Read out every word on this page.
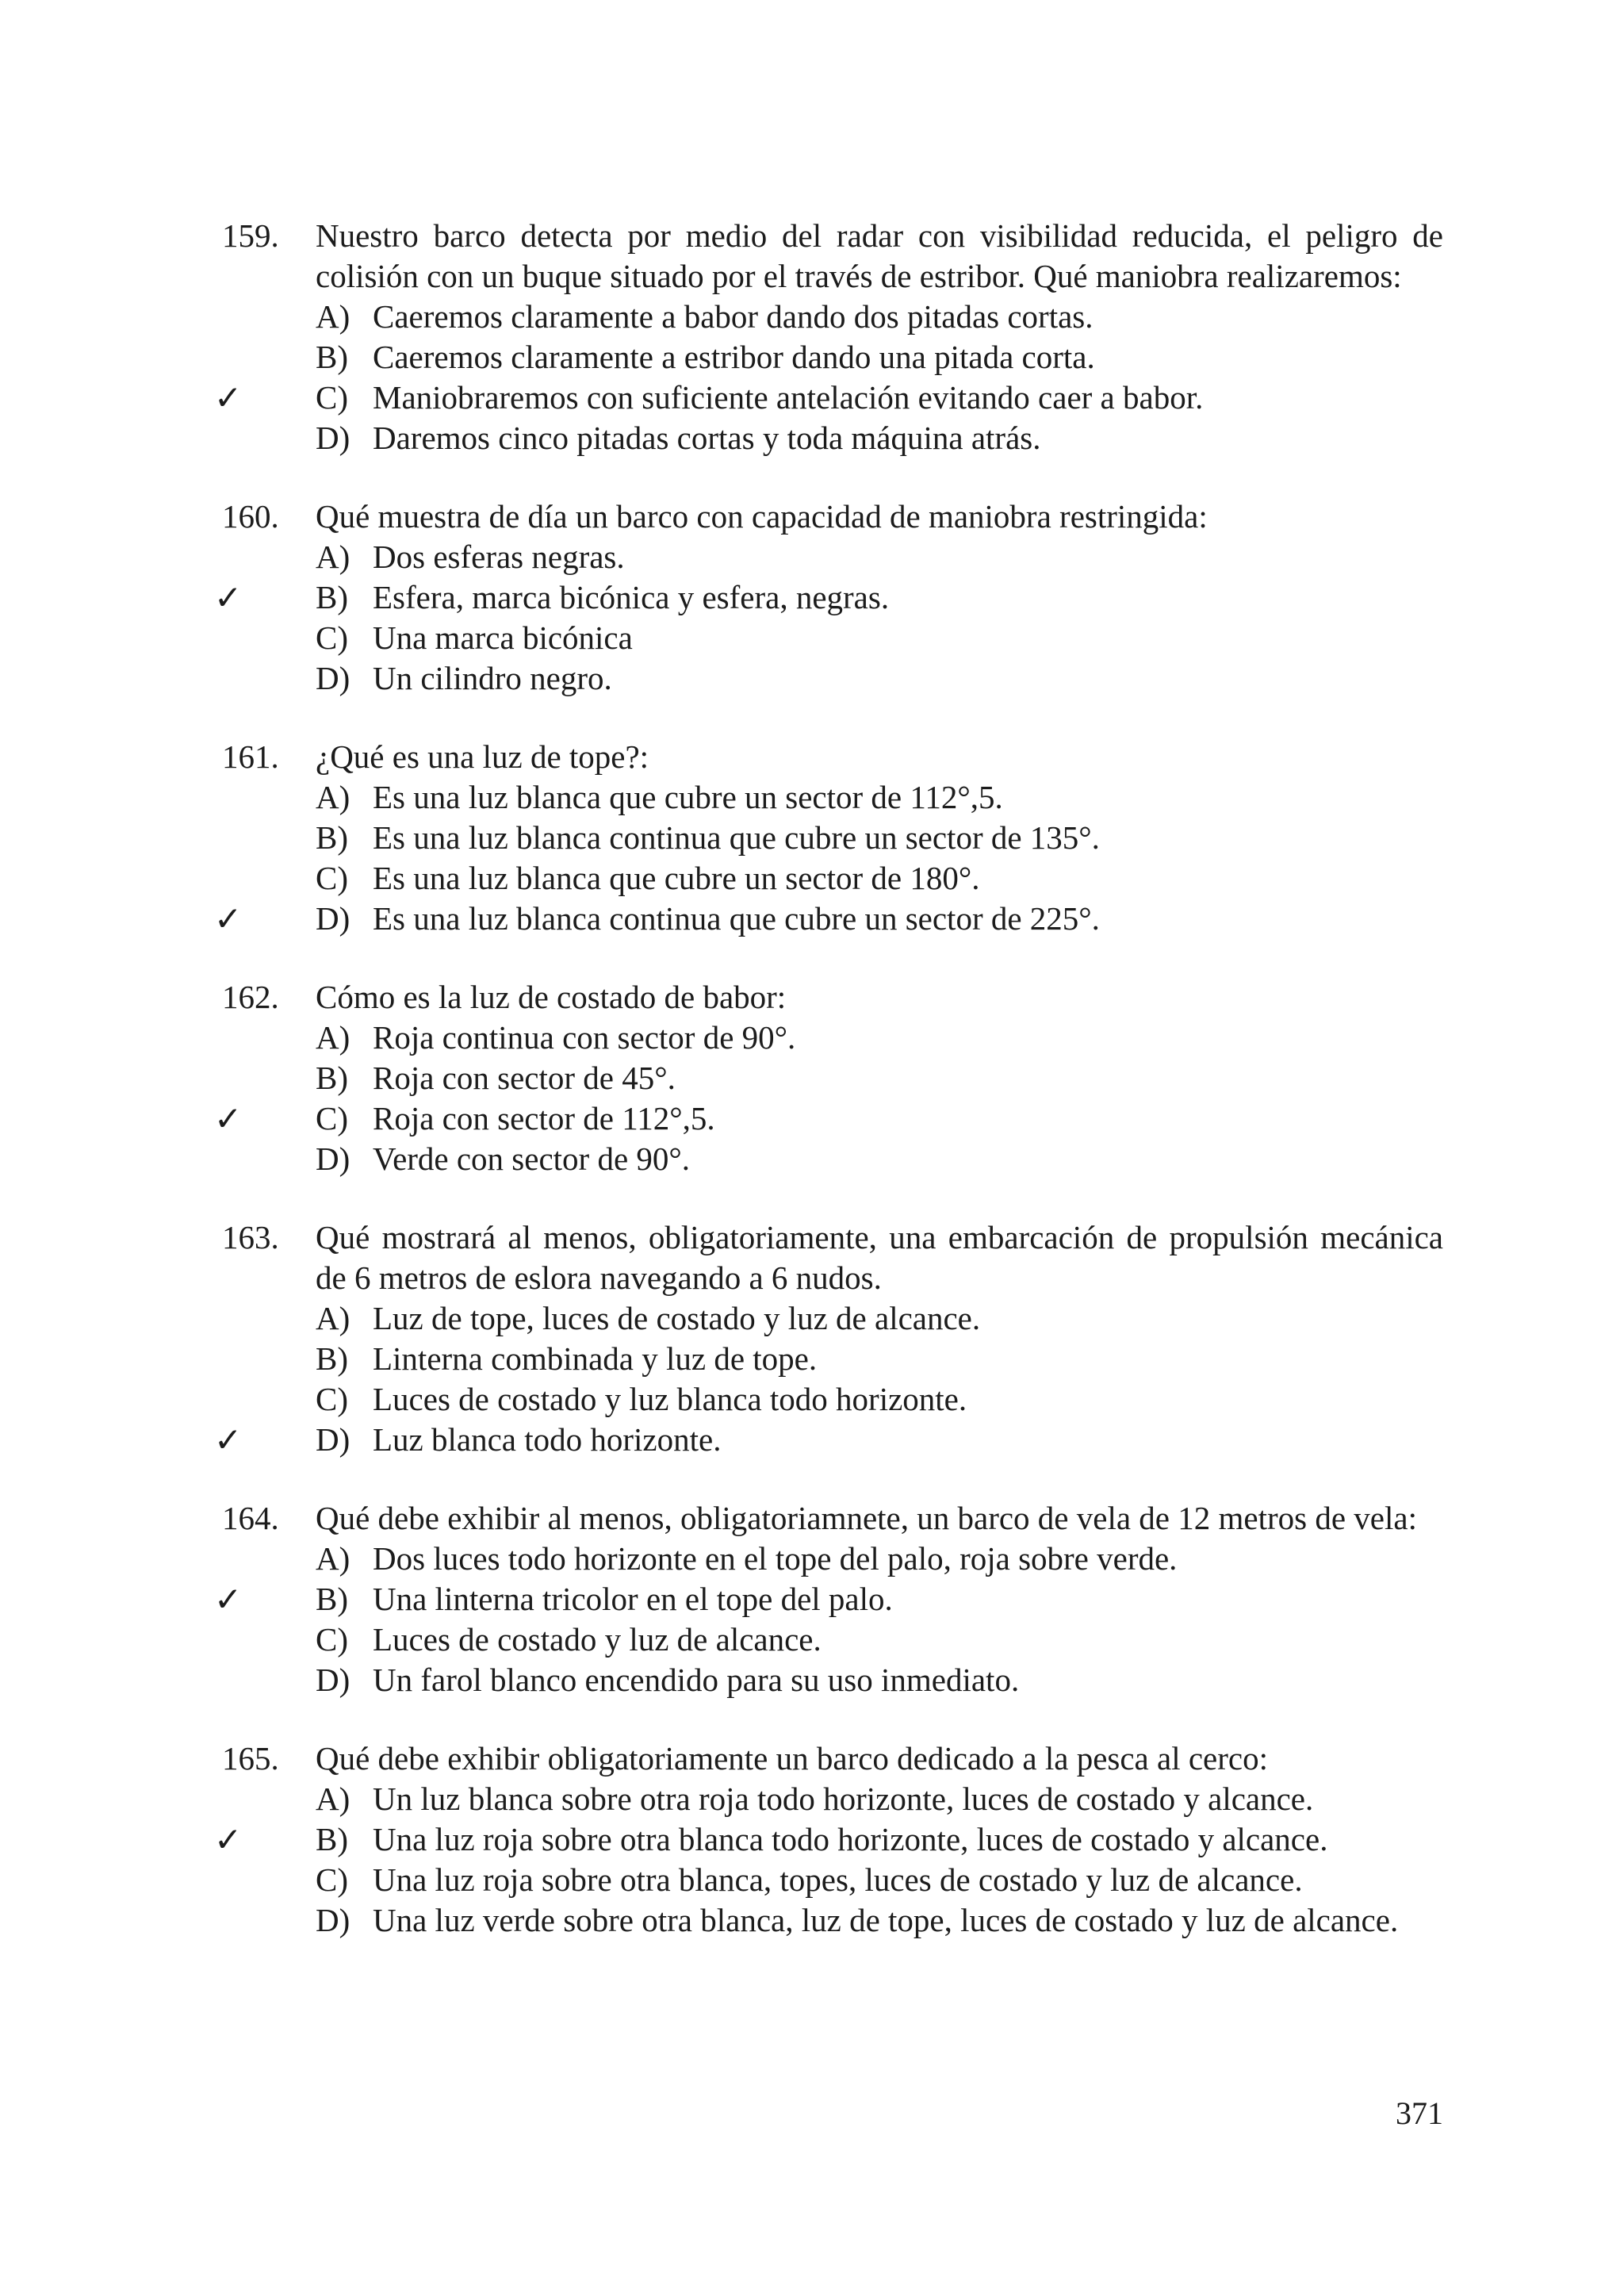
159. Nuestro barco detecta por medio del radar con visibilidad reducida, el peligro de colisión con un buque situado por el través de estribor. Qué maniobra realizaremos:
A) Caeremos claramente a babor dando dos pitadas cortas.
B) Caeremos claramente a estribor dando una pitada corta.
✓ C) Maniobraremos con suficiente antelación evitando caer a babor.
D) Daremos cinco pitadas cortas y toda máquina atrás.
160. Qué muestra de día un barco con capacidad de maniobra restringida:
A) Dos esferas negras.
✓ B) Esfera, marca bicónica y esfera, negras.
C) Una marca bicónica
D) Un cilindro negro.
161. ¿Qué es una luz de tope?:
A) Es una luz blanca que cubre un sector de 112°,5.
B) Es una luz blanca continua que cubre un sector de 135°.
C) Es una luz blanca que cubre un sector de 180°.
✓ D) Es una luz blanca continua que cubre un sector de 225°.
162. Cómo es la luz de costado de babor:
A) Roja continua con sector de 90°.
B) Roja con sector de 45°.
✓ C) Roja con sector de 112°,5.
D) Verde con sector de 90°.
163. Qué mostrará al menos, obligatoriamente, una embarcación de propulsión mecánica de 6 metros de eslora navegando a 6 nudos.
A) Luz de tope, luces de costado y luz de alcance.
B) Linterna combinada y luz de tope.
C) Luces de costado y luz blanca todo horizonte.
✓ D) Luz blanca todo horizonte.
164. Qué debe exhibir al menos, obligatoriamnete, un barco de vela de 12 metros de vela:
A) Dos luces todo horizonte en el tope del palo, roja sobre verde.
✓ B) Una linterna tricolor en el tope del palo.
C) Luces de costado y luz de alcance.
D) Un farol blanco encendido para su uso inmediato.
165. Qué debe exhibir obligatoriamente un barco dedicado a la pesca al cerco:
A) Un luz blanca sobre otra roja todo horizonte, luces de costado y alcance.
✓ B) Una luz roja sobre otra blanca todo horizonte, luces de costado y alcance.
C) Una luz roja sobre otra blanca, topes, luces de costado y luz de alcance.
D) Una luz verde sobre otra blanca, luz de tope, luces de costado y luz de alcance.
371
